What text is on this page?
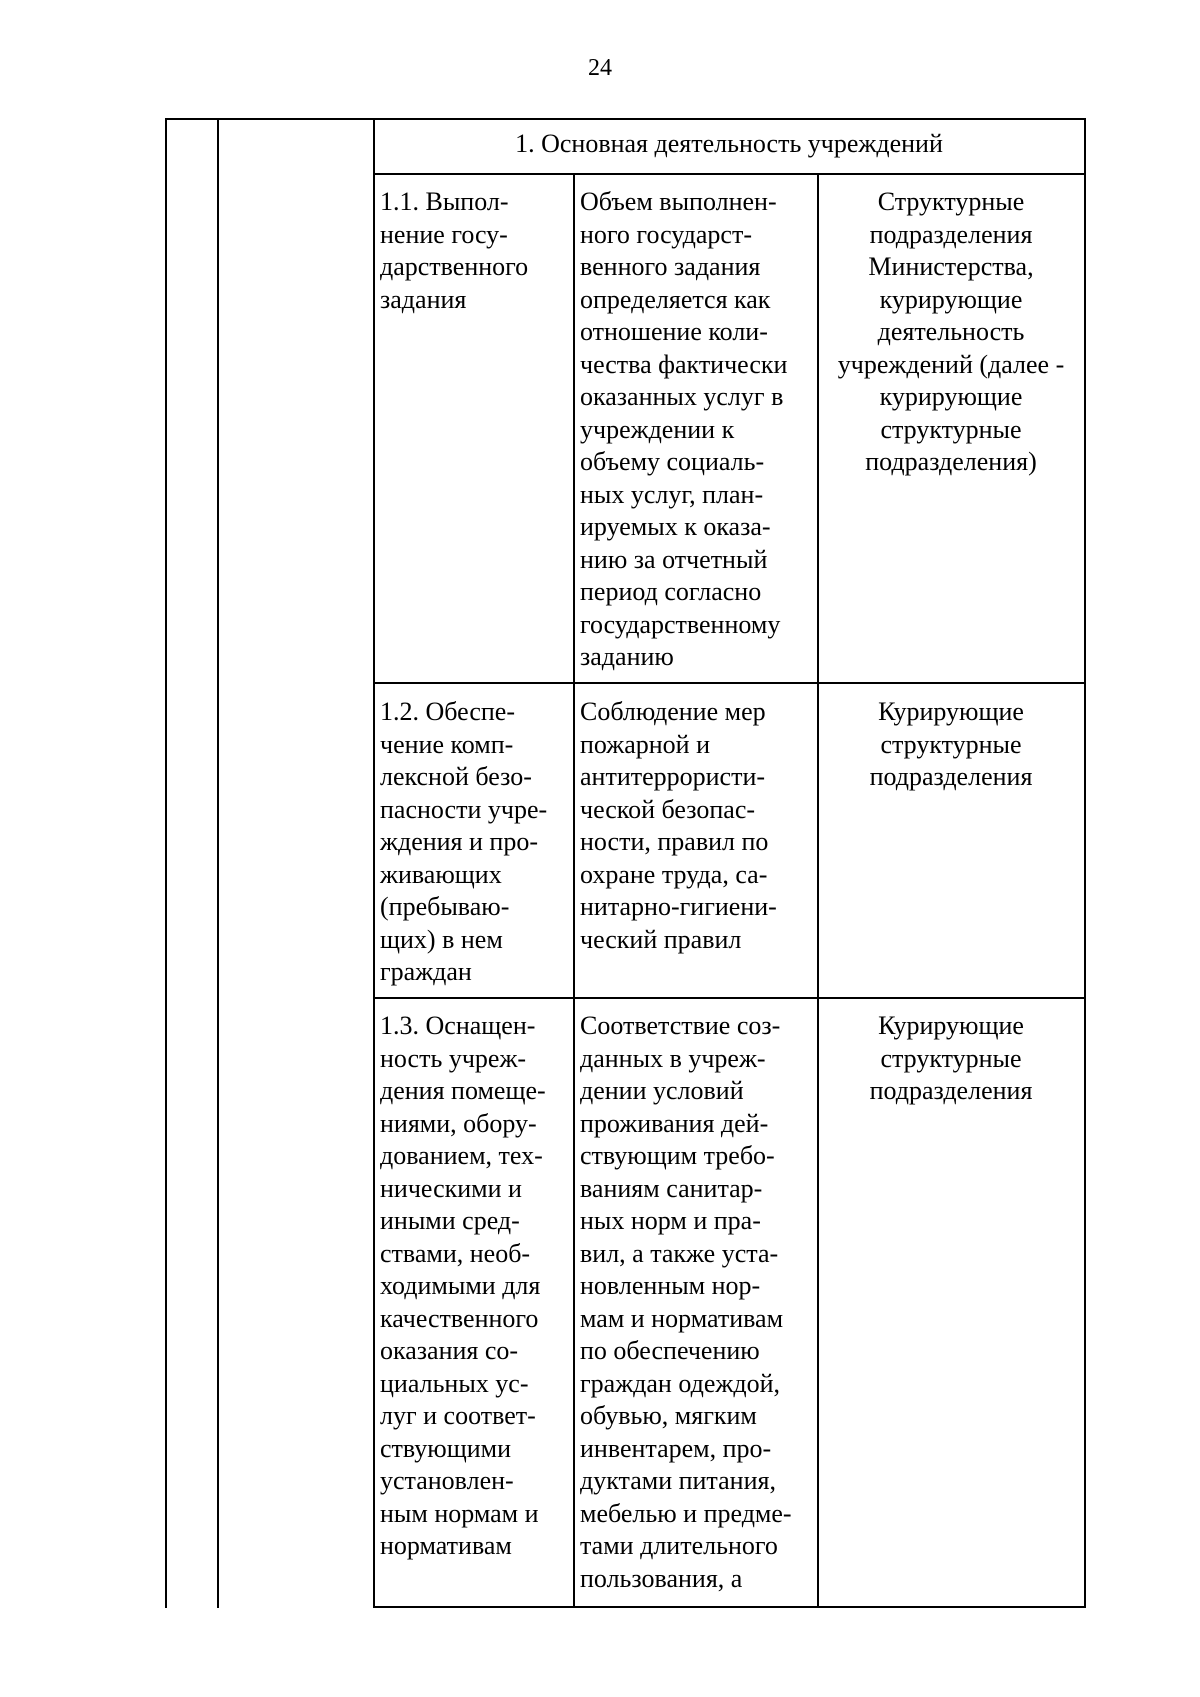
24
1. Основная деятельность учреждений
1.1. Выпол-
нение госу-
дарственного
задания
Объем выполнен-
ного государст-
венного задания
определяется как
отношение коли-
чества фактически
оказанных услуг в
учреждении к
объему социаль-
ных услуг, план-
ируемых к оказа-
нию за отчетный
период согласно
государственному
заданию
Структурные
подразделения
Министерства,
курирующие
деятельность
учреждений (далее -
курирующие
структурные
подразделения)
1.2. Обеспе-
чение комп-
лексной безо-
пасности учре-
ждения и про-
живающих
(пребываю-
щих) в нем
граждан
Соблюдение мер
пожарной и
антитеррористи-
ческой безопас-
ности, правил по
охране труда, са-
нитарно-гигиени-
ческий правил
Курирующие
структурные
подразделения
1.3. Оснащен-
ность учреж-
дения помеще-
ниями, обору-
дованием, тех-
ническими и
иными сред-
ствами, необ-
ходимыми для
качественного
оказания со-
циальных ус-
луг и соответ-
ствующими
установлен-
ным нормам и
нормативам
Соответствие соз-
данных в учреж-
дении условий
проживания дей-
ствующим требо-
ваниям санитар-
ных норм и пра-
вил, а также уста-
новленным нор-
мам и нормативам
по обеспечению
граждан одеждой,
обувью, мягким
инвентарем, про-
дуктами питания,
мебелью и предме-
тами длительного
пользования, а
Курирующие
структурные
подразделения
